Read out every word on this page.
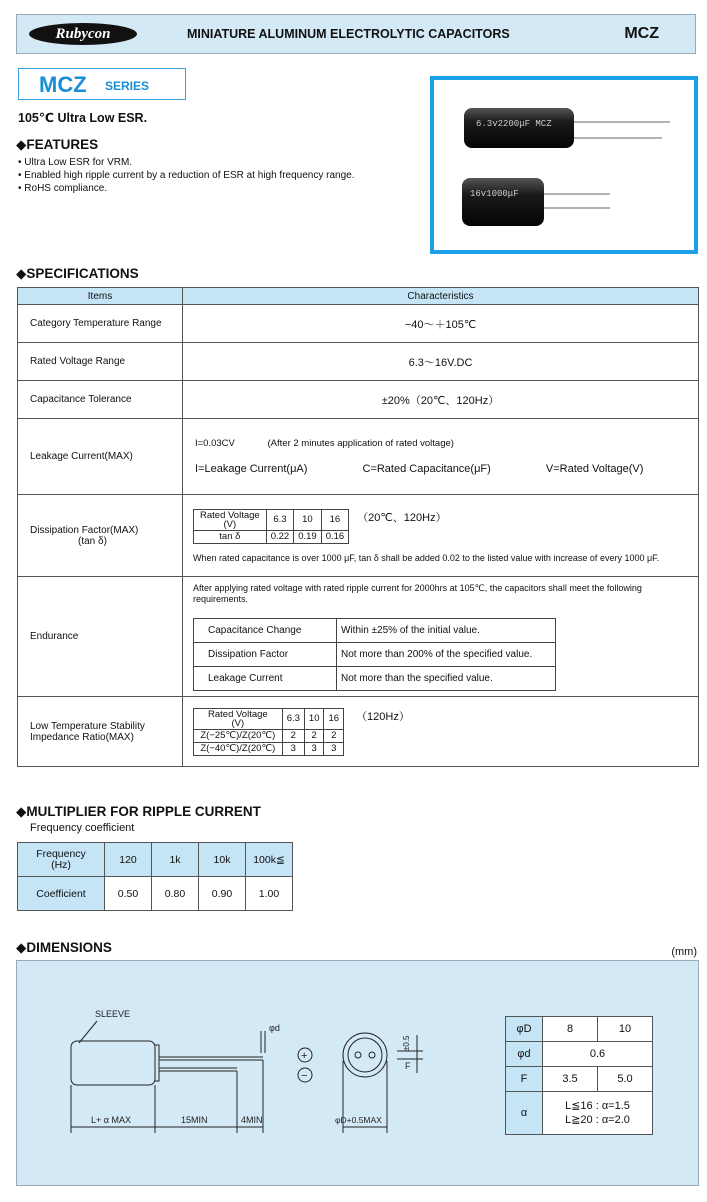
Rubycon	MINIATURE ALUMINUM ELECTROLYTIC CAPACITORS	MCZ
MCZ SERIES
105℃ Ultra Low ESR.
◆FEATURES
• Ultra Low ESR for VRM.
• Enabled high ripple current by a reduction of ESR at high frequency range.
• RoHS compliance.
6.3v2200μF MCZ
16v1000μF
◆SPECIFICATIONS
Items	Characteristics
Category Temperature Range	−40〜＋105℃
Rated Voltage Range	6.3〜16V.DC
Capacitance Tolerance	±20%（20℃、120Hz）
Leakage Current(MAX)	
I=0.03CV	(After 2 minutes application of rated voltage)
I=Leakage Current(μA)	C=Rated Capacitance(μF)	V=Rated Voltage(V)

Dissipation Factor(MAX)
(tan δ)

Rated Voltage
(V)	6.3	10	16
tan δ	0.22	0.19	0.16
（20℃、120Hz）
When rated capacitance is over 1000 μF, tan δ shall be added 0.02 to the listed value with increase of every 1000 μF.

Endurance	
After applying rated voltage with rated ripple current for 2000hrs at 105℃, the capacitors shall meet the following requirements.
Capacitance Change	Within ±25% of the initial value.
Dissipation Factor	Not more than 200% of the specified value.
Leakage Current	Not more than the specified value.

Low Temperature Stability
Impedance Ratio(MAX)

Rated Voltage
(V)	6.3	10	16
Z(−25℃)/Z(20℃)	2	2	2
Z(−40℃)/Z(20℃)	3	3	3
（120Hz）
◆MULTIPLIER FOR RIPPLE CURRENT
Frequency coefficient
Frequency
(Hz)	120	1k	10k	100k≦
Coefficient	0.50	0.80	0.90	1.00
◆DIMENSIONS	(mm)
SLEEVE
φd
L+ α MAX	15MIN	4MIN
+
−
φD+0.5MAX
F
±0.5
φD	8	10
φd	0.6	
F	3.5	5.0
α	L≦16 : α=1.5
L≧20 : α=2.0	
